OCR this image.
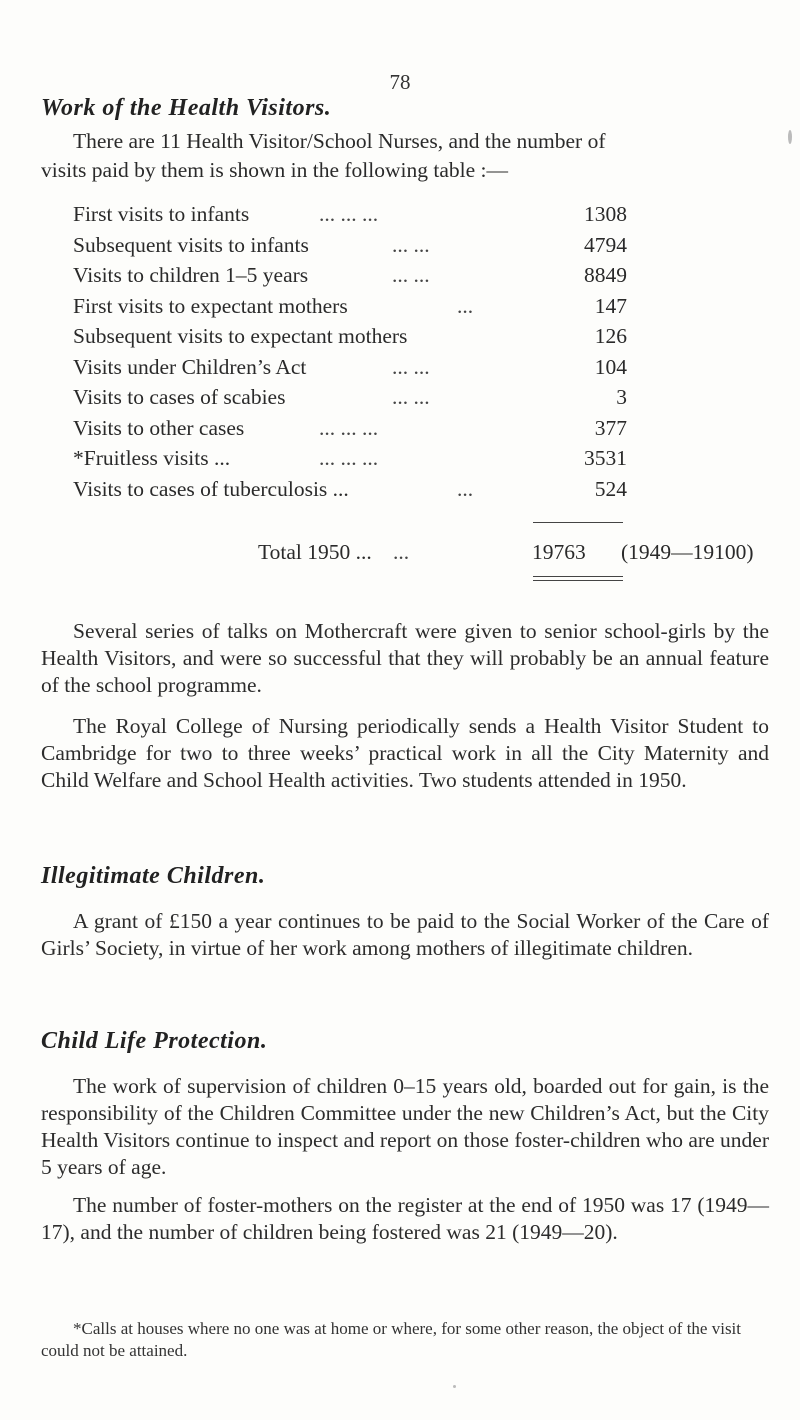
78
Work of the Health Visitors.
There are 11 Health Visitor/School Nurses, and the number of
visits paid by them is shown in the following table :—
First visits to infants	... ... ...	1308
Subsequent visits to infants	... ...	4794
Visits to children 1–5 years	... ...	8849
First visits to expectant mothers	...	147
Subsequent visits to expectant mothers	126
Visits under Children’s Act	... ...	104
Visits to cases of scabies	... ...	3
Visits to other cases	... ... ...	377
*Fruitless visits ...	... ... ...	3531
Visits to cases of tuberculosis ...	...	524
Total 1950 ... ...	19763 (1949—19100)
Several series of talks on Mothercraft were given to senior school-girls by the Health Visitors, and were so successful that they will probably be an annual feature of the school programme.
The Royal College of Nursing periodically sends a Health Visitor Student to Cambridge for two to three weeks’ practical work in all the City Maternity and Child Welfare and School Health activities. Two students attended in 1950.
Illegitimate Children.
A grant of £150 a year continues to be paid to the Social Worker of the Care of Girls’ Society, in virtue of her work among mothers of illegitimate children.
Child Life Protection.
The work of supervision of children 0–15 years old, boarded out for gain, is the responsibility of the Children Committee under the new Children’s Act, but the City Health Visitors continue to inspect and report on those foster-children who are under 5 years of age.
The number of foster-mothers on the register at the end of 1950 was 17 (1949—17), and the number of children being fostered was 21 (1949—20).
*Calls at houses where no one was at home or where, for some other reason, the object of the visit could not be attained.
